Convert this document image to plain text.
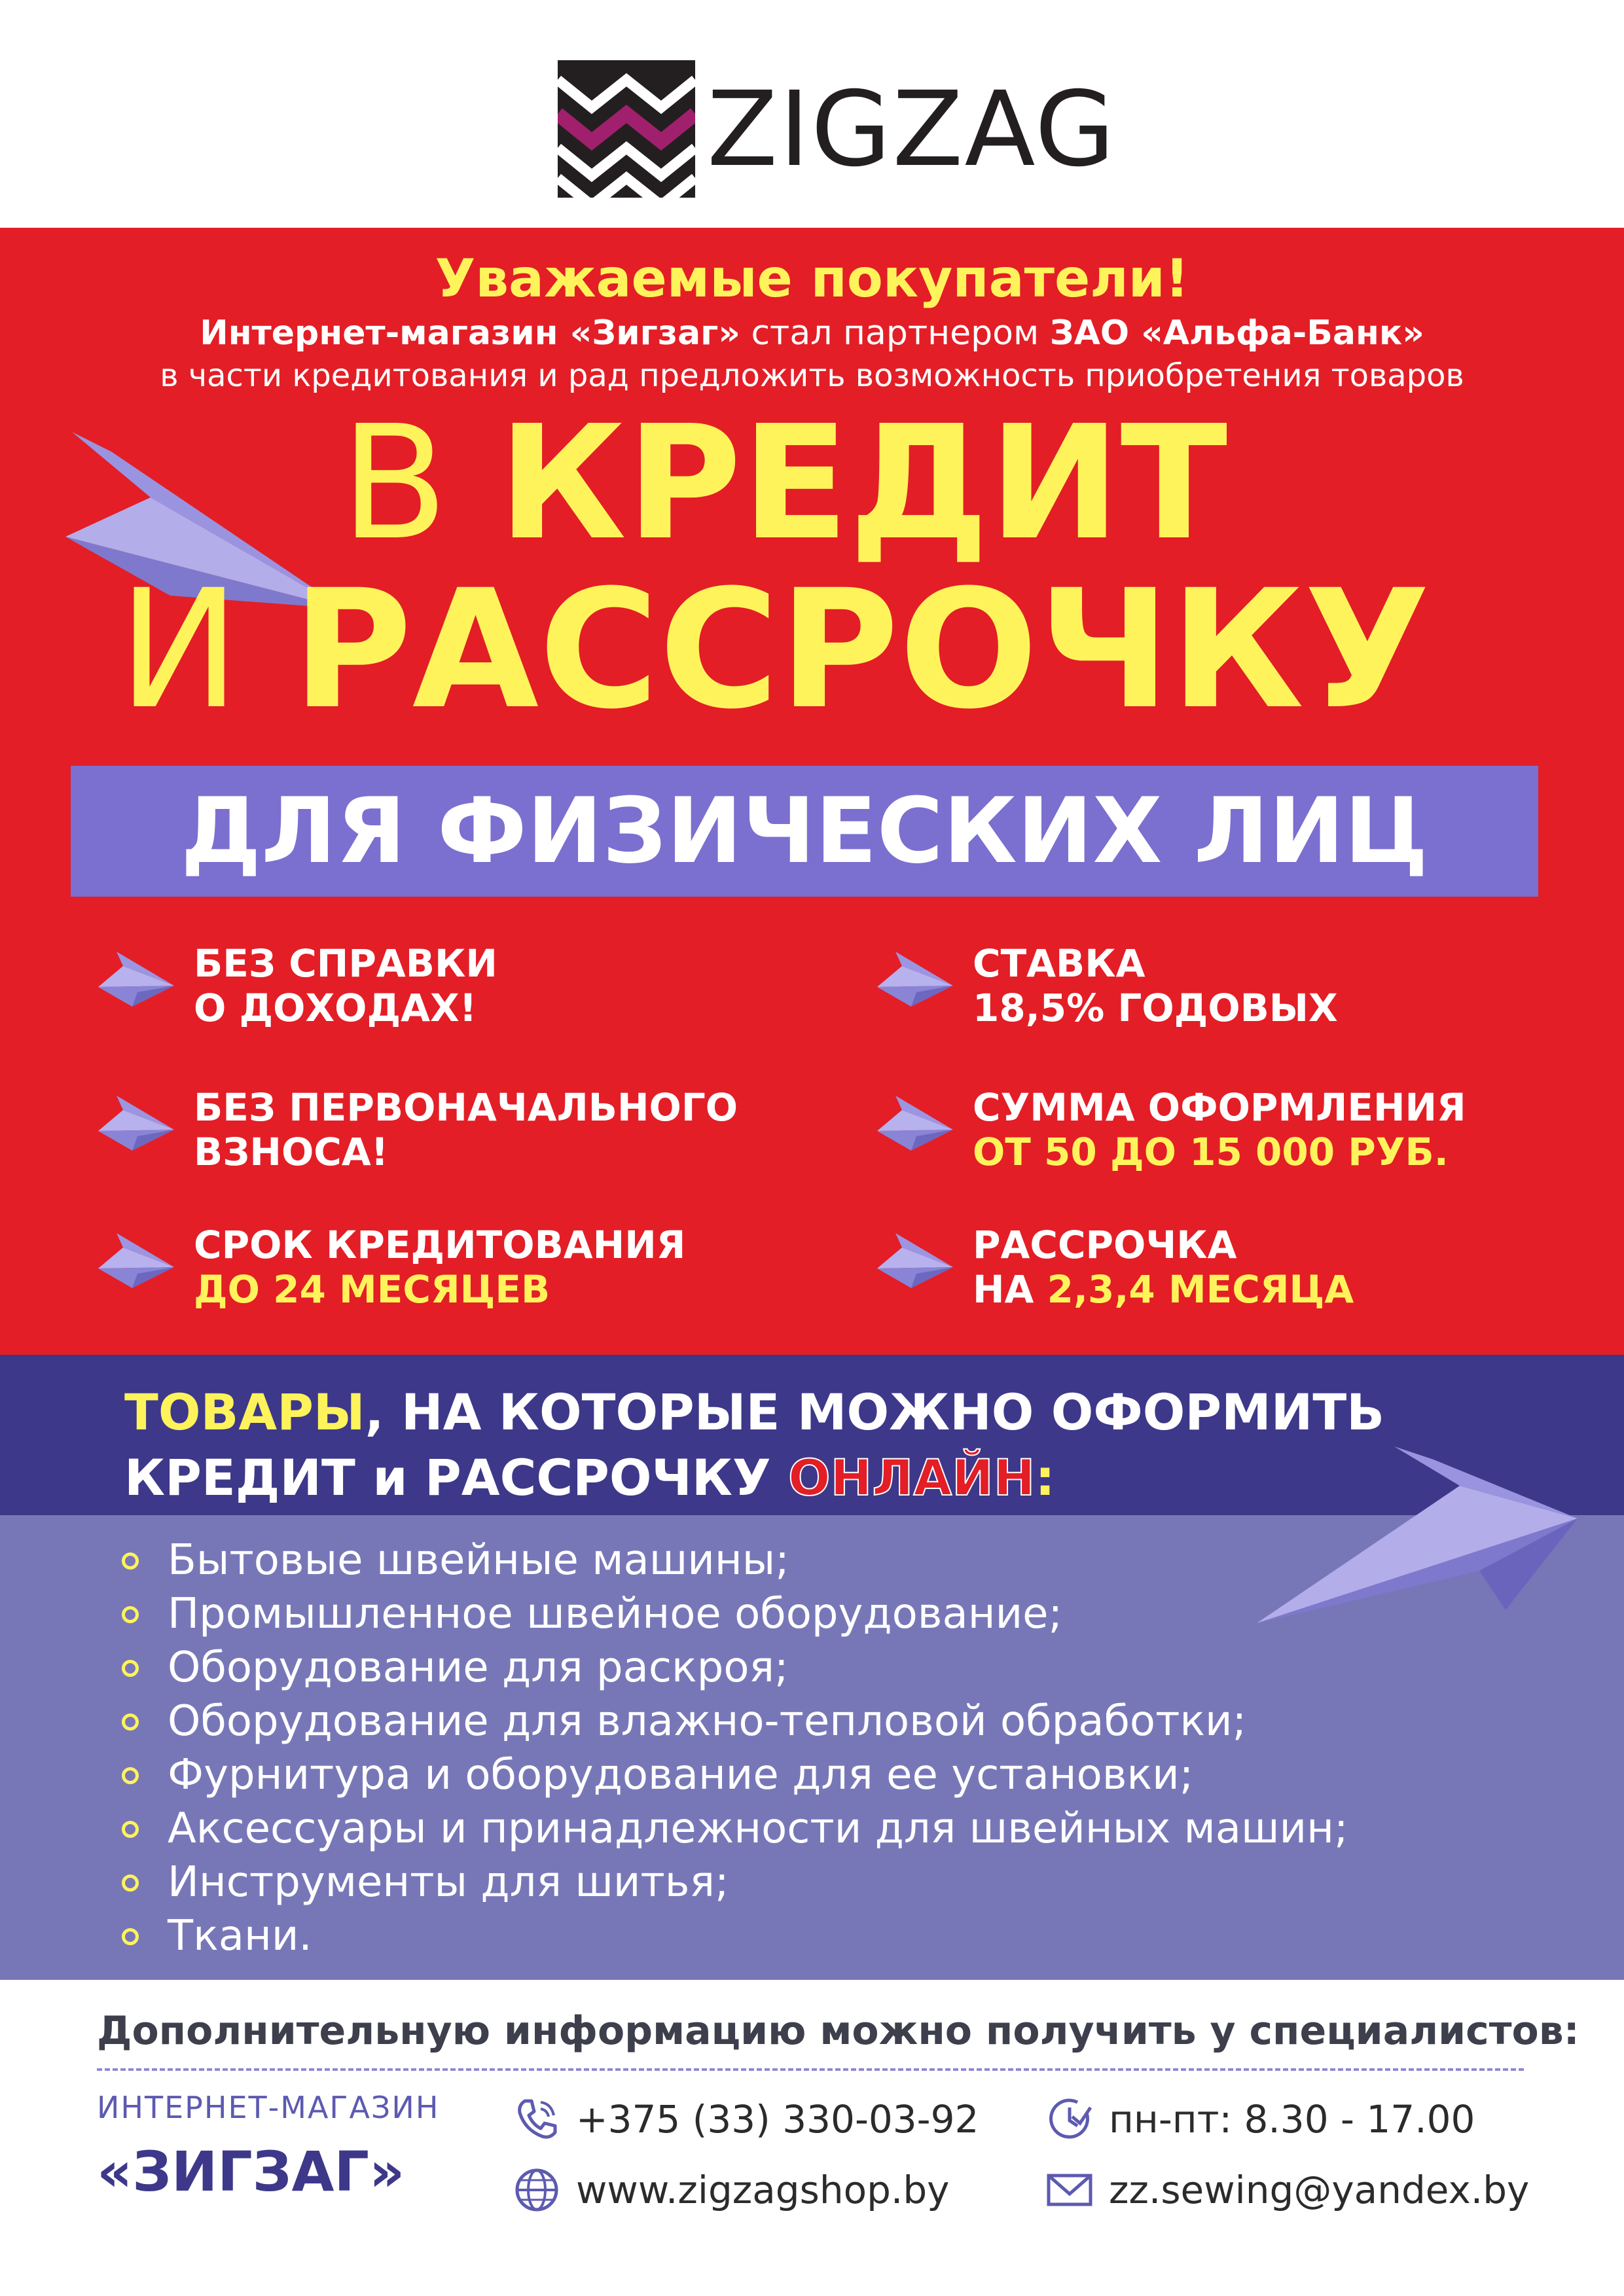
ZIGZAG
Уважаемые покупатели!
Интернет-магазин «Зигзаг» стал партнером ЗАО «Альфа-Банк»
в части кредитования и рад предложить возможность приобретения товаров
В КРЕДИТ
И РАССРОЧКУ
ДЛЯ ФИЗИЧЕСКИХ ЛИЦ
БЕЗ СПРАВКИ
О ДОХОДАХ!
СТАВКА
18,5% ГОДОВЫХ
БЕЗ ПЕРВОНАЧАЛЬНОГО
ВЗНОСА!
СУММА ОФОРМЛЕНИЯ
ОТ 50 ДО 15 000 РУБ.
СРОК КРЕДИТОВАНИЯ
ДО 24 МЕСЯЦЕВ
РАССРОЧКА
НА 2,3,4 МЕСЯЦА
ТОВАРЫ, НА КОТОРЫЕ МОЖНО ОФОРМИТЬ
КРЕДИТ и РАССРОЧКУ ОНЛАЙН:
Бытовые швейные машины;
Промышленное швейное оборудование;
Оборудование для раскроя;
Оборудование для влажно-тепловой обработки;
Фурнитура и оборудование для ее установки;
Аксессуары и принадлежности для швейных машин;
Инструменты для шитья;
Ткани.
Дополнительную информацию можно получить у специалистов:
ИНТЕРНЕТ-МАГАЗИН
«ЗИГЗАГ»
+375 (33) 330-03-92
www.zigzagshop.by
пн-пт: 8.30 - 17.00
zz.sewing@yandex.by
